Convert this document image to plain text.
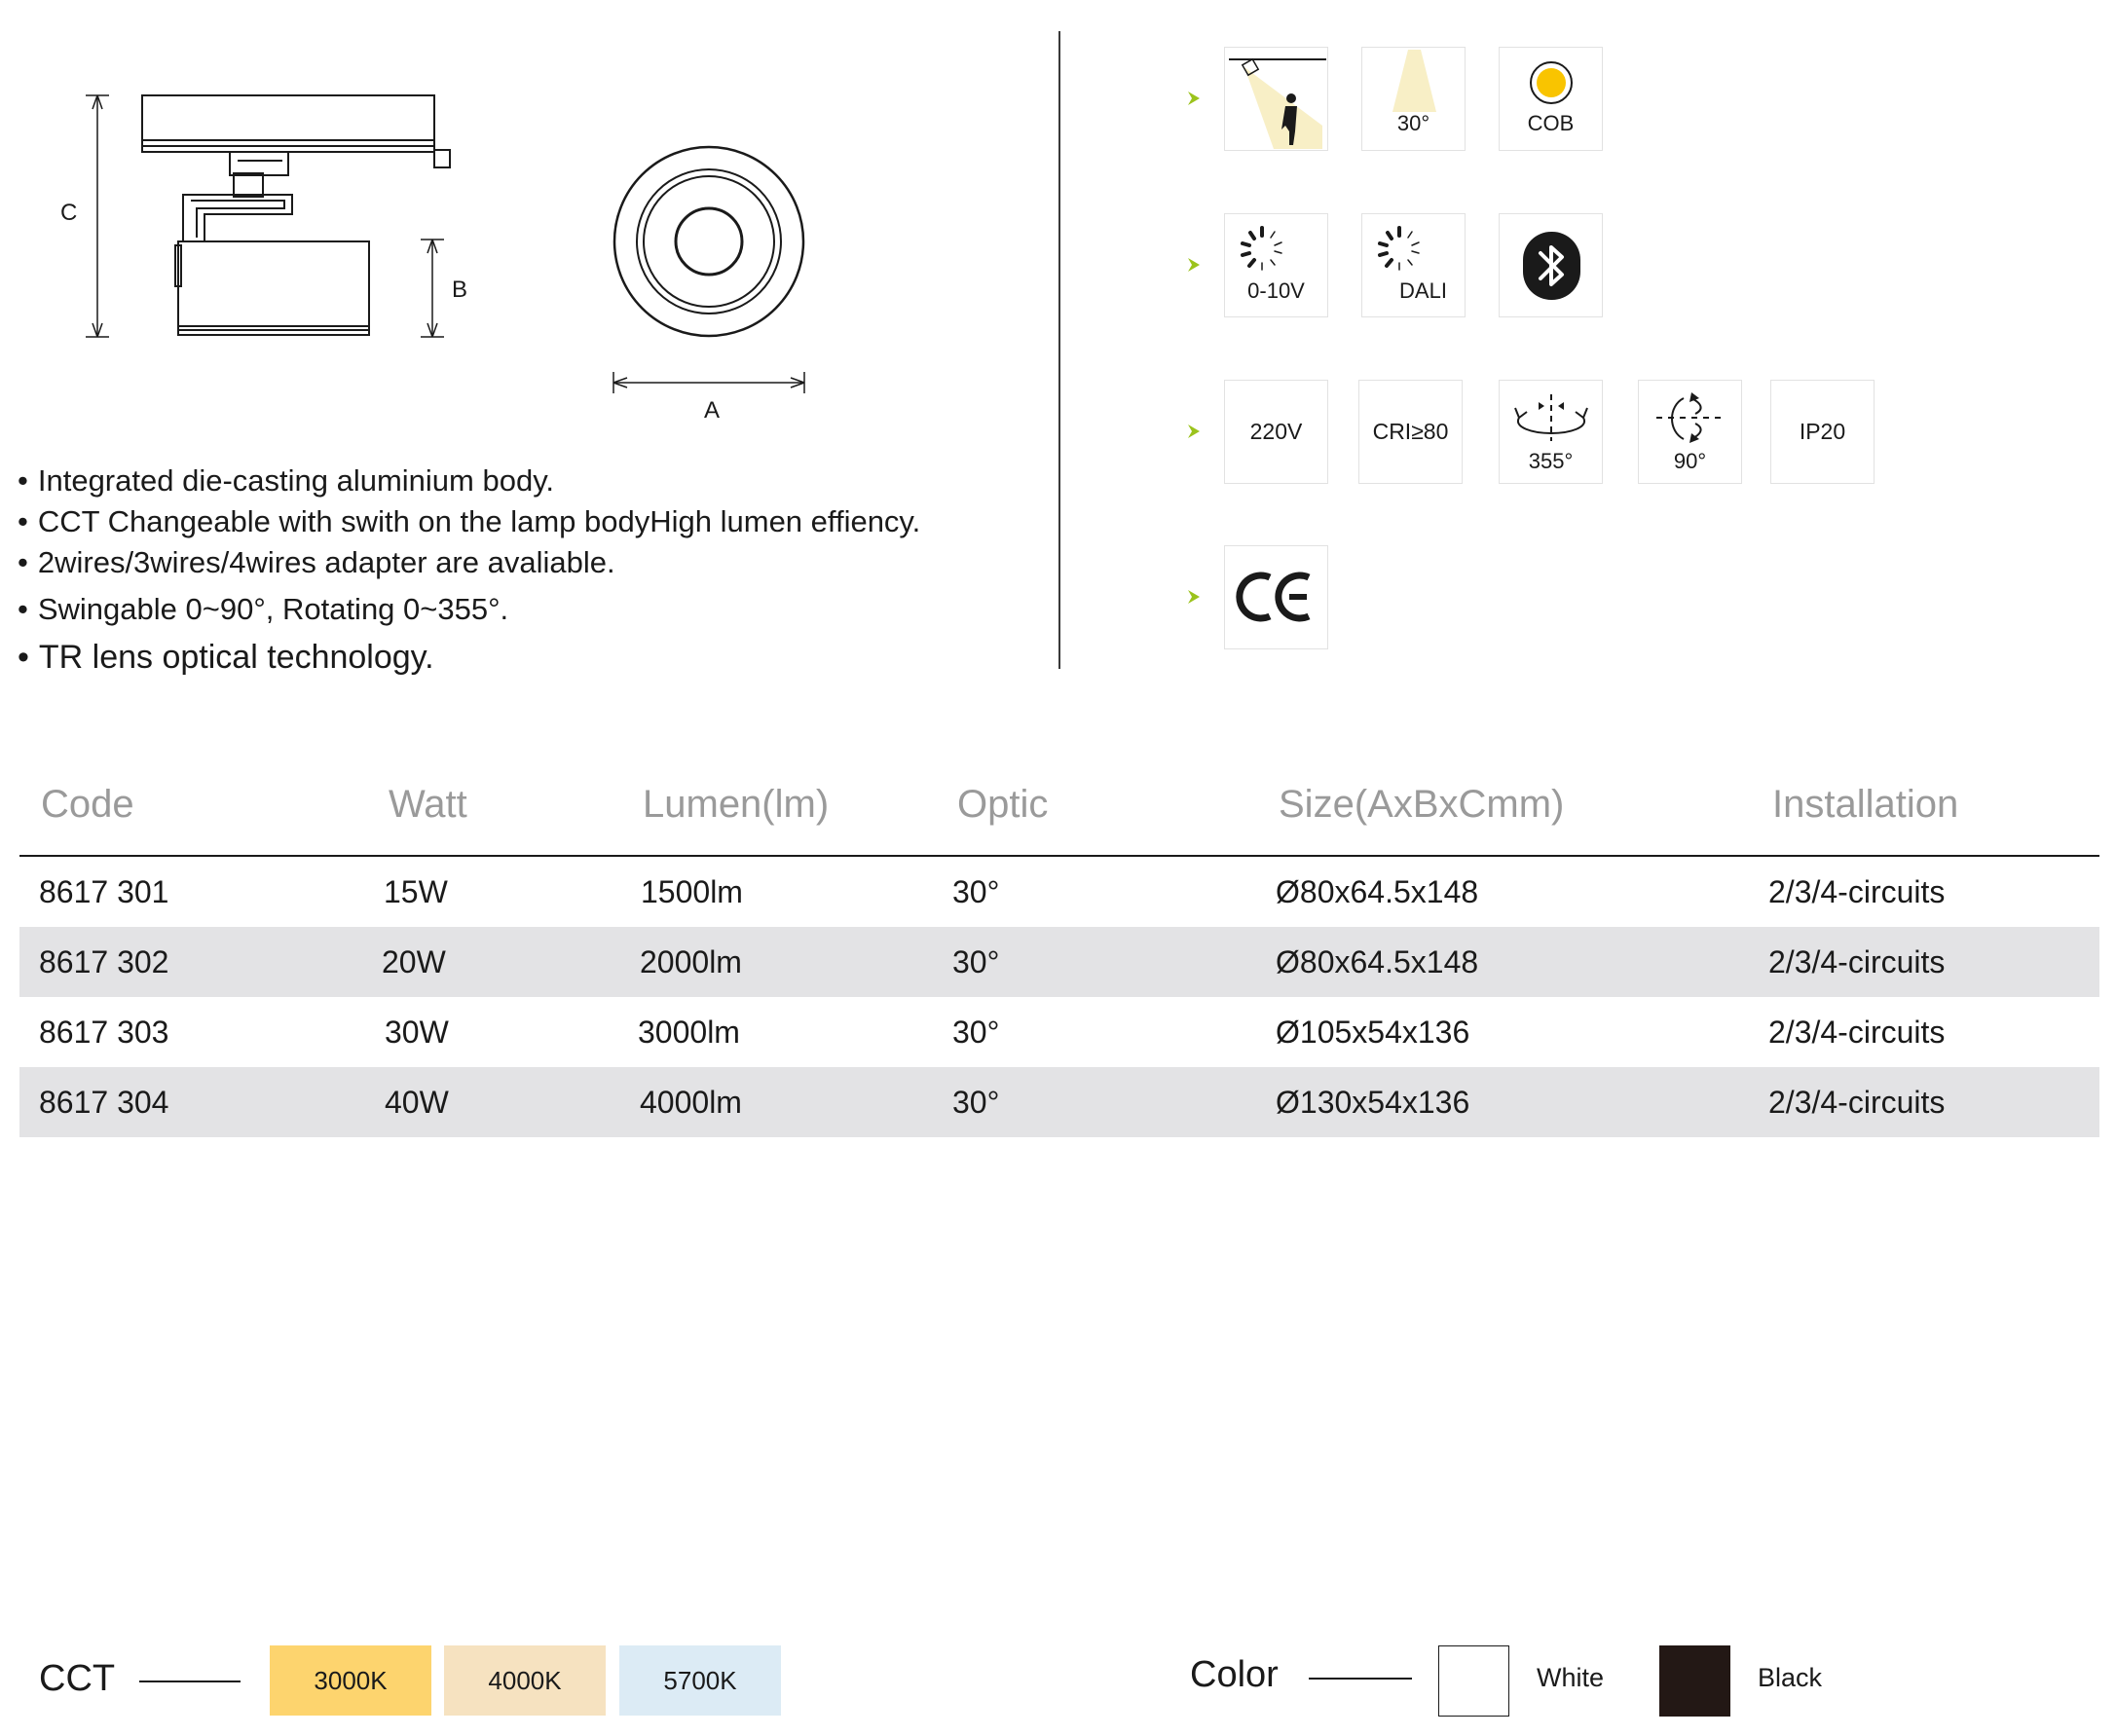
C
B
A
• Integrated die-casting aluminium body.
• CCT Changeable with swith on the lamp bodyHigh lumen effiency.
• 2wires/3wires/4wires adapter are avaliable.
• Swingable 0~90°, Rotating 0~355°.
• TR lens optical technology.
30°	COB
0-10V	DALI
220V	CRI≥80
355°	90°
IP20
Code	Watt	Lumen(lm)	Optic	Size(AxBxCmm)	Installation
8617 301	15W	1500lm	30°	Ø80x64.5x148	2/3/4-circuits
8617 302	20W	2000lm	30°	Ø80x64.5x148	2/3/4-circuits
8617 303	30W	3000lm	30°	Ø105x54x136	2/3/4-circuits
8617 304	40W	4000lm	30°	Ø130x54x136	2/3/4-circuits
CCT	3000K	4000K	5700K	Color	White	Black
